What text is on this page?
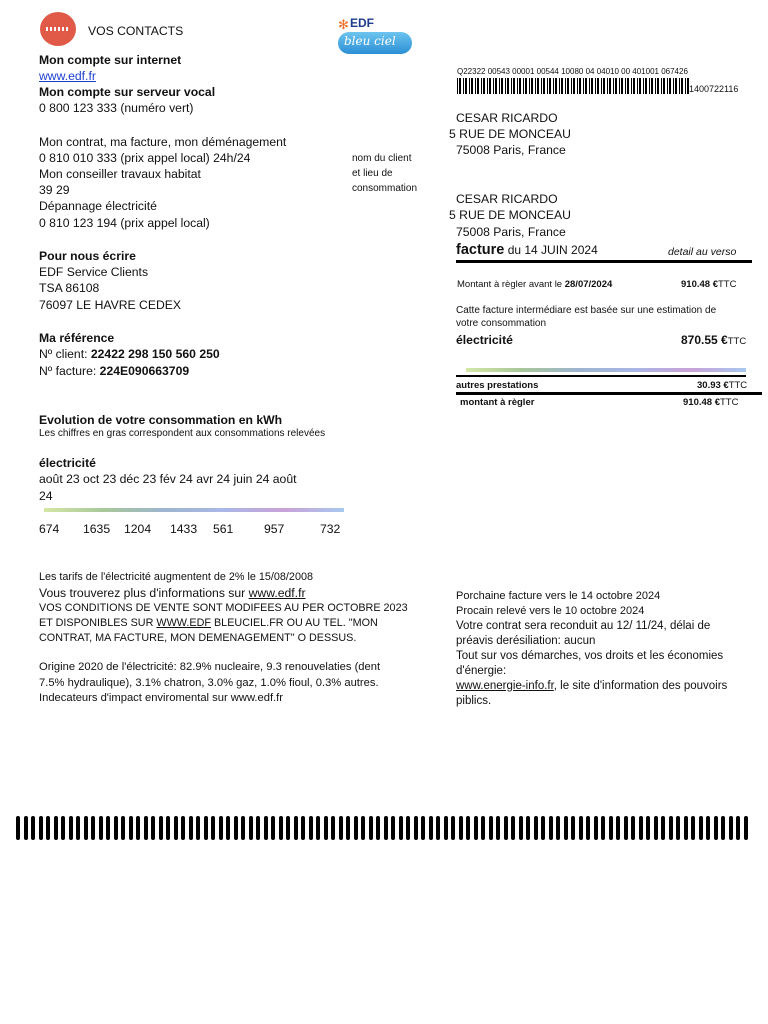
VOS CONTACTS	✻ EDF
bleu ciel
Mon compte sur internet
www.edf.fr
Mon compte sur serveur vocal
0 800 123 333 (numéro vert)
Mon contrat, ma facture, mon déménagement
0 810 010 333 (prix appel local) 24h/24
Mon conseiller travaux habitat
39 29
Dépannage électricité
0 810 123 194 (prix appel local)
nom du client
et lieu de
consommation
Pour nous écrire
EDF Service Clients
TSA 86108
76097 LE HAVRE CEDEX
Ma référence
Nº client: 22422 298 150 560 250
Nº facture: 224E090663709
Evolution de votre consommation en kWh
Les chiffres en gras correspondent aux consommations relevées
électricité
août 23 oct 23 déc 23 fév 24 avr 24 juin 24 août
24
674 1635 1204 1433 561	957	732
Les tarifs de l'électricité augmentent de 2% le 15/08/2008
Vous trouverez plus d'informations sur www.edf.fr
VOS CONDITIONS DE VENTE SONT MODIFEES AU PER OCTOBRE 2023
ET DISPONIBLES SUR WWW.EDF BLEUCIEL.FR OU AU TEL. "MON
CONTRAT, MA FACTURE, MON DEMENAGEMENT" O DESSUS.
Origine 2020 de l'électricité: 82.9% nucleaire, 9.3 renouvelaties (dent
7.5% hydraulique), 3.1% chatron, 3.0% gaz, 1.0% fioul, 0.3% autres.
Indecateurs d'impact enviromental sur www.edf.fr
Q22322 00543 00001 00544 10080 04 04010 00 401001 067426
1400722116
CESAR RICARDO
5 RUE DE MONCEAU
75008 Paris, France
CESAR RICARDO
5 RUE DE MONCEAU
75008 Paris, France
facture du 14 JUIN 2024	detail au verso
Montant à règler avant le 28/07/2024	910.48 €TTC
Catte facture intermédiare est basée sur une estimation de
votre consommation
électricité	870.55 €TTC
autres prestations	30.93 €TTC
montant à règler	910.48 €TTC
Porchaine facture vers le 14 octobre 2024
Procain relevé vers le 10 octobre 2024
Votre contrat sera reconduit au 12/ 11/24, délai de
préavis derésiliation: aucun
Tout sur vos démarches, vos droits et les économies
d'énergie:
www.energie-info.fr, le site d'information des pouvoirs
piblics.
